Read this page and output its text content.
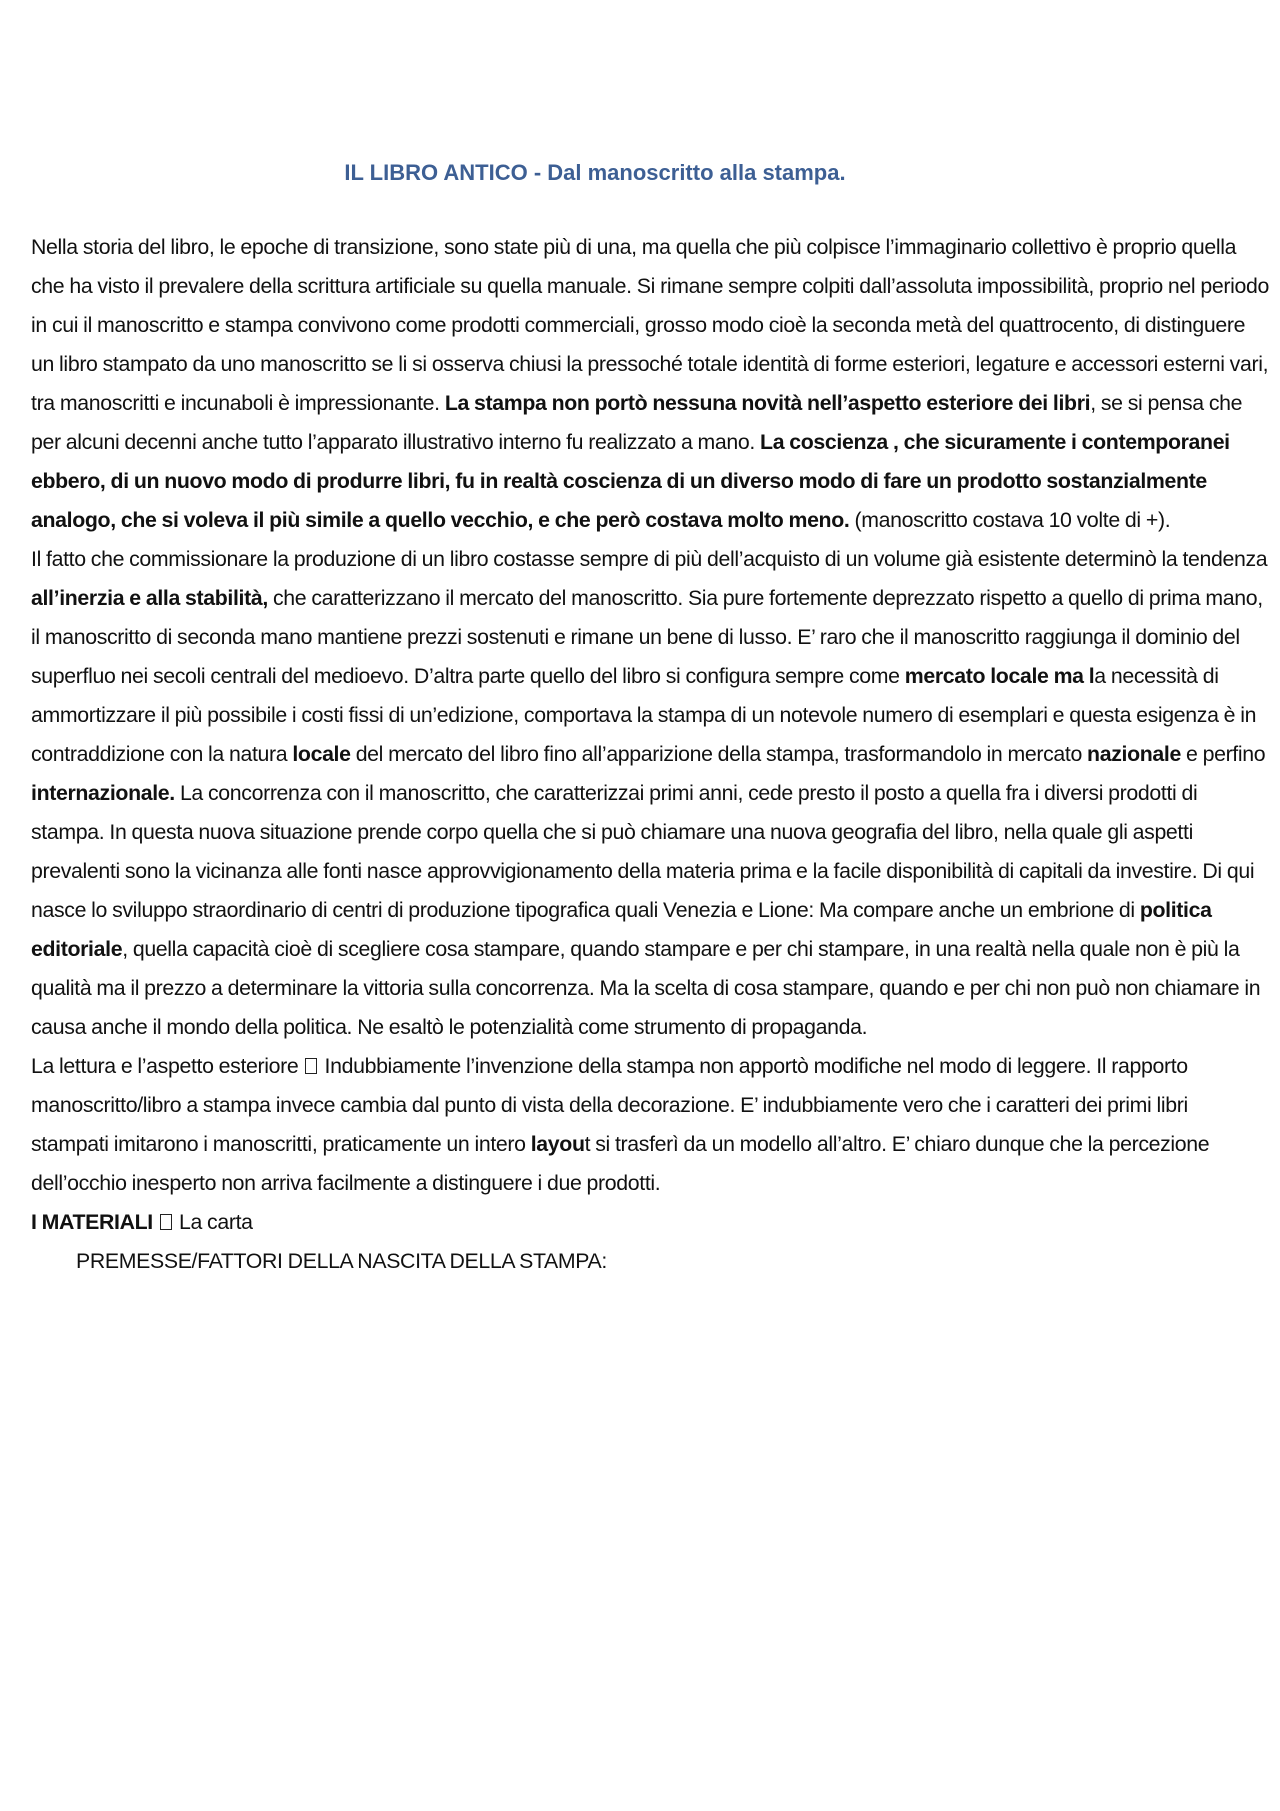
IL LIBRO ANTICO - Dal manoscritto alla stampa.

Nella storia del libro, le epoche di transizione, sono state più di una, ma quella che più colpisce l’immaginario collettivo è proprio quella che ha visto il prevalere della scrittura artificiale su quella manuale. Si rimane sempre colpiti dall’assoluta impossibilità, proprio nel periodo in cui il manoscritto e stampa convivono come prodotti commerciali, grosso modo cioè la seconda metà del quattrocento, di distinguere un libro stampato da uno manoscritto se li si osserva chiusi la pressoché totale identità di forme esteriori, legature e accessori esterni vari, tra manoscritti e incunaboli è impressionante. La stampa non portò nessuna novità nell’aspetto esteriore dei libri, se si pensa che per alcuni decenni anche tutto l’apparato illustrativo interno fu realizzato a mano. La coscienza , che sicuramente i contemporanei ebbero, di un nuovo modo di produrre libri, fu in realtà coscienza di un diverso modo di fare un prodotto sostanzialmente analogo, che si voleva il più simile a quello vecchio, e che però costava molto meno. (manoscritto costava 10 volte di +).

Il fatto che commissionare la produzione di un libro costasse sempre di più dell’acquisto di un volume già esistente determinò la tendenza all’inerzia e alla stabilità, che caratterizzano il mercato del manoscritto. Sia pure fortemente deprezzato rispetto a quello di prima mano, il manoscritto di seconda mano mantiene prezzi sostenuti e rimane un bene di lusso. E’ raro che il manoscritto raggiunga il dominio del superfluo nei secoli centrali del medioevo. D’altra parte quello del libro si configura sempre come mercato locale ma la necessità di ammortizzare il più possibile i costi fissi di un’edizione, comportava la stampa di un notevole numero di esemplari e questa esigenza è in contraddizione con la natura locale del mercato del libro fino all’apparizione della stampa, trasformandolo in mercato nazionale e perfino internazionale. La concorrenza con il manoscritto, che caratterizzai primi anni, cede presto il posto a quella fra i diversi prodotti di stampa. In questa nuova situazione prende corpo quella che si può chiamare una nuova geografia del libro, nella quale gli aspetti prevalenti sono la vicinanza alle fonti nasce approvvigionamento della materia prima e la facile disponibilità di capitali da investire. Di qui nasce lo sviluppo straordinario di centri di produzione tipografica quali Venezia e Lione: Ma compare anche un embrione di politica editoriale, quella capacità cioè di scegliere cosa stampare, quando stampare e per chi stampare, in una realtà nella quale non è più la qualità ma il prezzo a determinare la vittoria sulla concorrenza. Ma la scelta di cosa stampare, quando e per chi non può non chiamare in causa anche il mondo della politica. Ne esaltò le potenzialità come strumento di propaganda.

La lettura e l’aspetto esteriore  Indubbiamente l’invenzione della stampa non apportò modifiche nel modo di leggere. Il rapporto manoscritto/libro a stampa invece cambia dal punto di vista della decorazione. E’ indubbiamente vero che i caratteri dei primi libri stampati imitarono i manoscritti, praticamente un intero layout si trasferì da un modello all’altro. E’ chiaro dunque che la percezione dell’occhio inesperto non arriva facilmente a distinguere i due prodotti.

I MATERIALI  La carta

PREMESSE/FATTORI DELLA NASCITA DELLA STAMPA:
